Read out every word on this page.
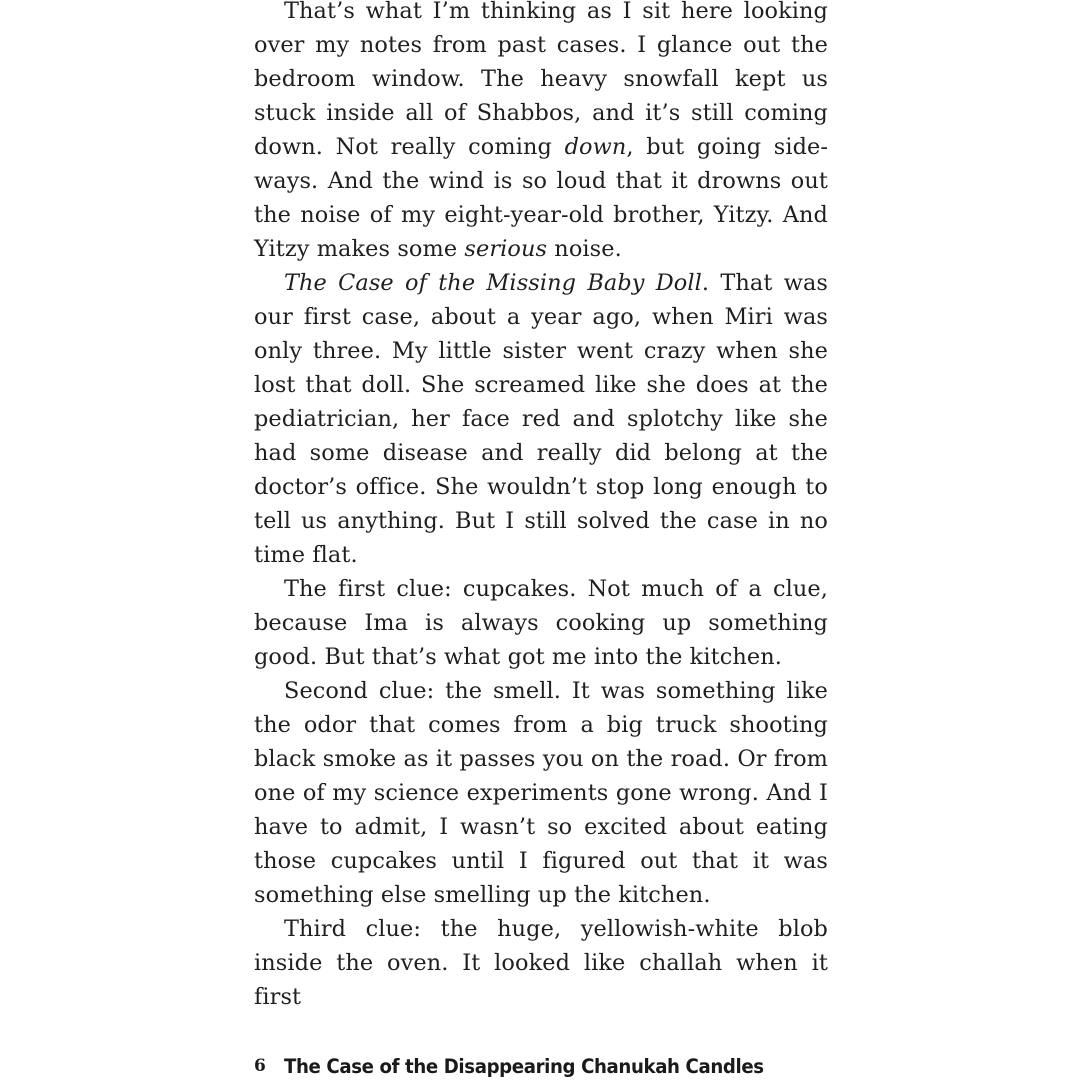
That’s what I’m thinking as I sit here looking over my notes from past cases. I glance out the bedroom window. The heavy snowfall kept us stuck inside all of Shabbos, and it’s still coming down. Not really coming down, but going sideways. And the wind is so loud that it drowns out the noise of my eight-year-old brother, Yitzy. And Yitzy makes some serious noise.

The Case of the Missing Baby Doll. That was our first case, about a year ago, when Miri was only three. My little sister went crazy when she lost that doll. She screamed like she does at the pediatrician, her face red and splotchy like she had some disease and really did belong at the doctor’s office. She wouldn’t stop long enough to tell us anything. But I still solved the case in no time flat.

The first clue: cupcakes. Not much of a clue, because Ima is always cooking up something good. But that’s what got me into the kitchen.

Second clue: the smell. It was something like the odor that comes from a big truck shooting black smoke as it passes you on the road. Or from one of my science experiments gone wrong. And I have to admit, I wasn’t so excited about eating those cupcakes until I figured out that it was something else smelling up the kitchen.

Third clue: the huge, yellowish-white blob inside the oven. It looked like challah when it first

6 The Case of the Disappearing Chanukah Candles
